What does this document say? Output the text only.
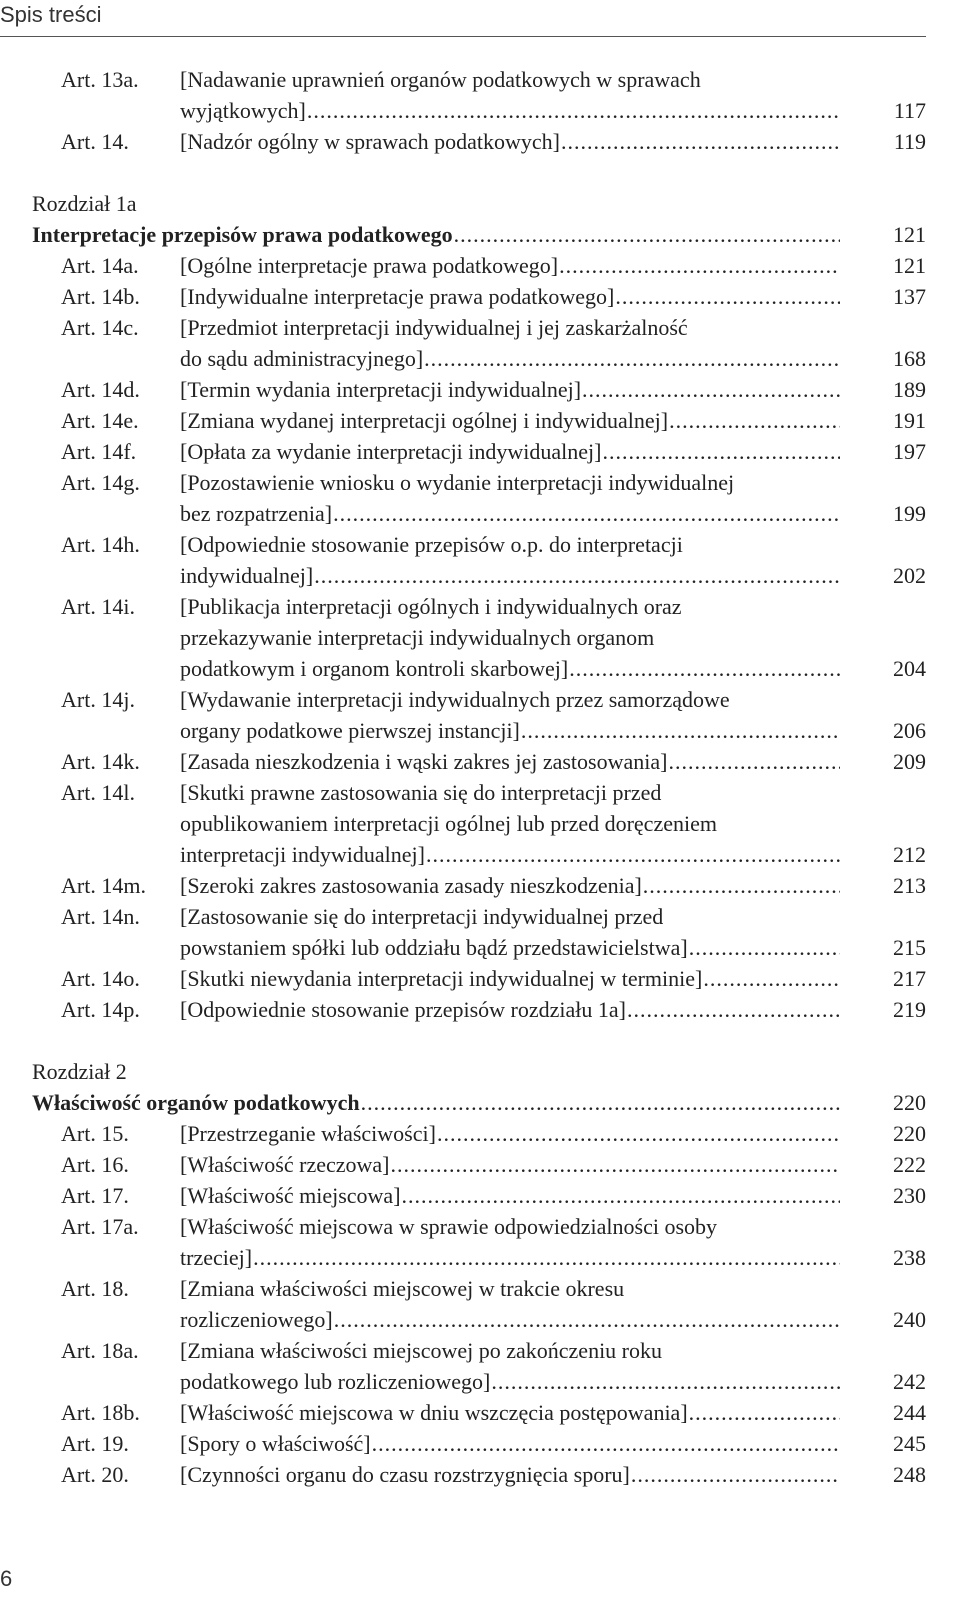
Spis treści
Art. 13a.	[Nadawanie uprawnień organów podatkowych w sprawach
wyjątkowych] .....	117
Art. 14.	[Nadzór ogólny w sprawach podatkowych] .....	119
Rozdział 1a
Interpretacje przepisów prawa podatkowego .....	121
Art. 14a.	[Ogólne interpretacje prawa podatkowego] .....	121
Art. 14b.	[Indywidualne interpretacje prawa podatkowego] .....	137
Art. 14c.	[Przedmiot interpretacji indywidualnej i jej zaskarżalność
do sądu administracyjnego] .....	168
Art. 14d.	[Termin wydania interpretacji indywidualnej] .....	189
Art. 14e.	[Zmiana wydanej interpretacji ogólnej i indywidualnej] .....	191
Art. 14f.	[Opłata za wydanie interpretacji indywidualnej] .....	197
Art. 14g.	[Pozostawienie wniosku o wydanie interpretacji indywidualnej
bez rozpatrzenia] .....	199
Art. 14h.	[Odpowiednie stosowanie przepisów o.p. do interpretacji
indywidualnej] .....	202
Art. 14i.	[Publikacja interpretacji ogólnych i indywidualnych oraz
przekazywanie interpretacji indywidualnych organom
podatkowym i organom kontroli skarbowej] .....	204
Art. 14j.	[Wydawanie interpretacji indywidualnych przez samorządowe
organy podatkowe pierwszej instancji] .....	206
Art. 14k.	[Zasada nieszkodzenia i wąski zakres jej zastosowania] .....	209
Art. 14l.	[Skutki prawne zastosowania się do interpretacji przed
opublikowaniem interpretacji ogólnej lub przed doręczeniem
interpretacji indywidualnej] .....	212
Art. 14m.	[Szeroki zakres zastosowania zasady nieszkodzenia] .....	213
Art. 14n.	[Zastosowanie się do interpretacji indywidualnej przed
powstaniem spółki lub oddziału bądź przedstawicielstwa] .....	215
Art. 14o.	[Skutki niewydania interpretacji indywidualnej w terminie] .....	217
Art. 14p.	[Odpowiednie stosowanie przepisów rozdziału 1a] .....	219
Rozdział 2
Właściwość organów podatkowych .....	220
Art. 15.	[Przestrzeganie właściwości] .....	220
Art. 16.	[Właściwość rzeczowa] .....	222
Art. 17.	[Właściwość miejscowa] .....	230
Art. 17a.	[Właściwość miejscowa w sprawie odpowiedzialności osoby
trzeciej] .....	238
Art. 18.	[Zmiana właściwości miejscowej w trakcie okresu
rozliczeniowego] .....	240
Art. 18a.	[Zmiana właściwości miejscowej po zakończeniu roku
podatkowego lub rozliczeniowego] .....	242
Art. 18b.	[Właściwość miejscowa w dniu wszczęcia postępowania] .....	244
Art. 19.	[Spory o właściwość] .....	245
Art. 20.	[Czynności organu do czasu rozstrzygnięcia sporu] .....	248
6
